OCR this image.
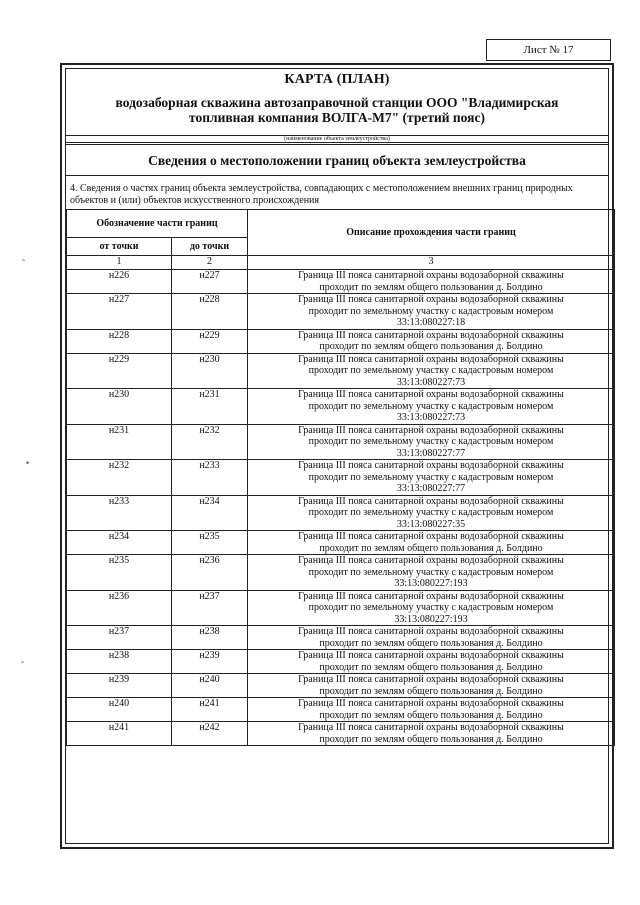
Лист № 17
КАРТА (ПЛАН)
водозаборная скважина автозаправочной станции ООО "Владимирская топливная компания ВОЛГА-М7" (третий пояс)
(наименование объекта землеустройства)
Сведения о местоположении границ объекта землеустройства
4. Сведения о частях границ объекта землеустройства, совпадающих с местоположением внешних границ природных объектов и (или) объектов искусственного происхождения
Обозначение части границ		Описание прохождения части границ
от точки	до точки	
1	2	3
н226	н227	Граница III пояса санитарной охраны водозаборной скважины
проходит по землям общего пользования д. Болдино

н227	н228	Граница III пояса санитарной охраны водозаборной скважины
проходит по земельному участку с кадастровым номером
33:13:080227:18

н228	н229	Граница III пояса санитарной охраны водозаборной скважины
проходит по землям общего пользования д. Болдино

н229	н230	Граница III пояса санитарной охраны водозаборной скважины
проходит по земельному участку с кадастровым номером
33:13:080227:73

н230	н231	Граница III пояса санитарной охраны водозаборной скважины
проходит по земельному участку с кадастровым номером
33:13:080227:73

н231	н232	Граница III пояса санитарной охраны водозаборной скважины
проходит по земельному участку с кадастровым номером
33:13:080227:77

н232	н233	Граница III пояса санитарной охраны водозаборной скважины
проходит по земельному участку с кадастровым номером
33:13:080227:77

н233	н234	Граница III пояса санитарной охраны водозаборной скважины
проходит по земельному участку с кадастровым номером
33:13:080227:35

н234	н235	Граница III пояса санитарной охраны водозаборной скважины
проходит по землям общего пользования д. Болдино

н235	н236	Граница III пояса санитарной охраны водозаборной скважины
проходит по земельному участку с кадастровым номером
33:13:080227:193

н236	н237	Граница III пояса санитарной охраны водозаборной скважины
проходит по земельному участку с кадастровым номером
33:13:080227:193

н237	н238	Граница III пояса санитарной охраны водозаборной скважины
проходит по землям общего пользования д. Болдино

н238	н239	Граница III пояса санитарной охраны водозаборной скважины
проходит по землям общего пользования д. Болдино

н239	н240	Граница III пояса санитарной охраны водозаборной скважины
проходит по землям общего пользования д. Болдино

н240	н241	Граница III пояса санитарной охраны водозаборной скважины
проходит по землям общего пользования д. Болдино

н241	н242	Граница III пояса санитарной охраны водозаборной скважины
проходит по землям общего пользования д. Болдино
ˆ
•
ˆ
